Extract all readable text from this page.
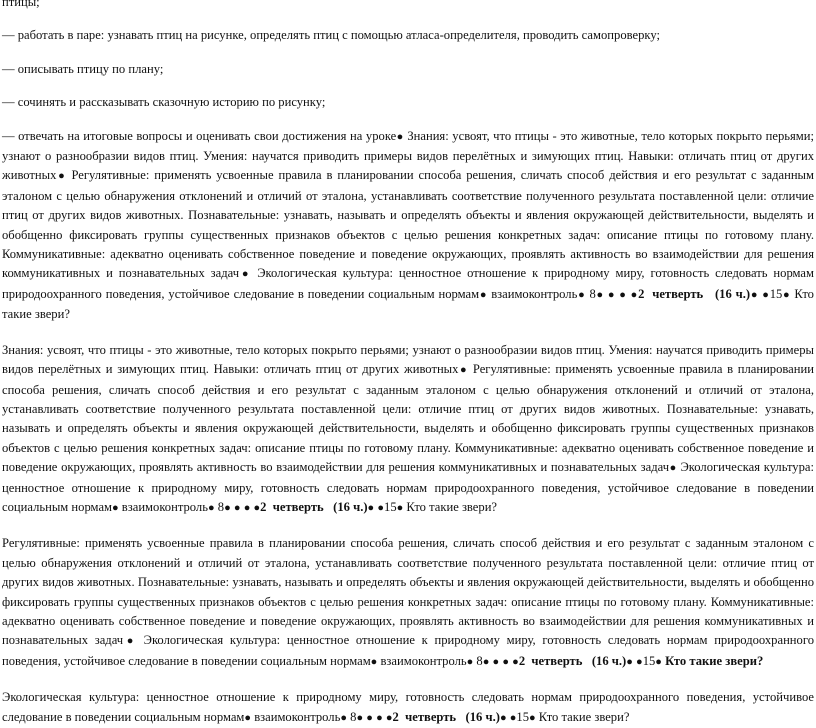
птицы;

— работать в паре: узнавать птиц на рисунке, определять птиц с помощью атласа-определителя, проводить самопроверку;

— описывать птицу по плану;

— сочинять и рассказывать сказочную историю по рисунку;

— отвечать на итоговые вопросы и оценивать свои достижения на уроке● Знания: усвоят, что птицы - это животные, тело которых покрыто перьями; узнают о разнообразии видов птиц. Умения: научатся приводить примеры видов перелётных и зимующих птиц. Навыки: отличать птиц от других животных● Регулятивные: применять усвоенные правила в планировании способа решения, сличать способ действия и его результат с заданным эталоном с целью обнаружения отклонений и отличий от эталона, устанавливать соответствие полученного результата поставленной цели: отличие птиц от других видов животных. Познавательные: узнавать, называть и определять объекты и явления окружающей действительности, выделять и обобщенно фиксировать группы существенных признаков объектов с целью решения конкретных задач: описание птицы по готовому плану. Коммуникативные: адекватно оценивать собственное поведение и поведение окружающих, проявлять активность во взаимодействии для решения коммуникативных и познавательных задач● Экологическая культура: ценностное отношение к природному миру, готовность следовать нормам природоохранного поведения, устойчивое следование в поведении социальным нормам● взаимоконтроль● 8● ● ● ●2 четверть (16 ч.)● ●15● Кто такие звери?

Знания: усвоят, что птицы - это животные, тело которых покрыто перьями; узнают о разнообразии видов птиц. Умения: научатся приводить примеры видов перелётных и зимующих птиц. Навыки: отличать птиц от других животных● Регулятивные: применять усвоенные правила в планировании способа решения, сличать способ действия и его результат с заданным эталоном с целью обнаружения отклонений и отличий от эталона, устанавливать соответствие полученного результата поставленной цели: отличие птиц от других видов животных. Познавательные: узнавать, называть и определять объекты и явления окружающей действительности, выделять и обобщенно фиксировать группы существенных признаков объектов с целью решения конкретных задач: описание птицы по готовому плану. Коммуникативные: адекватно оценивать собственное поведение и поведение окружающих, проявлять активность во взаимодействии для решения коммуникативных и познавательных задач● Экологическая культура: ценностное отношение к природному миру, готовность следовать нормам природоохранного поведения, устойчивое следование в поведении социальным нормам● взаимоконтроль● 8● ● ● ●2 четверть (16 ч.)● ●15● Кто такие звери?

Регулятивные: применять усвоенные правила в планировании способа решения, сличать способ действия и его результат с заданным эталоном с целью обнаружения отклонений и отличий от эталона, устанавливать соответствие полученного результата поставленной цели: отличие птиц от других видов животных. Познавательные: узнавать, называть и определять объекты и явления окружающей действительности, выделять и обобщенно фиксировать группы существенных признаков объектов с целью решения конкретных задач: описание птицы по готовому плану. Коммуникативные: адекватно оценивать собственное поведение и поведение окружающих, проявлять активность во взаимодействии для решения коммуникативных и познавательных задач● Экологическая культура: ценностное отношение к природному миру, готовность следовать нормам природоохранного поведения, устойчивое следование в поведении социальным нормам● взаимоконтроль● 8● ● ● ●2 четверть (16 ч.)● ●15● Кто такие звери?

Экологическая культура: ценностное отношение к природному миру, готовность следовать нормам природоохранного поведения, устойчивое следование в поведении социальным нормам● взаимоконтроль● 8● ● ● ●2 четверть (16 ч.)● ●15● Кто такие звери?
